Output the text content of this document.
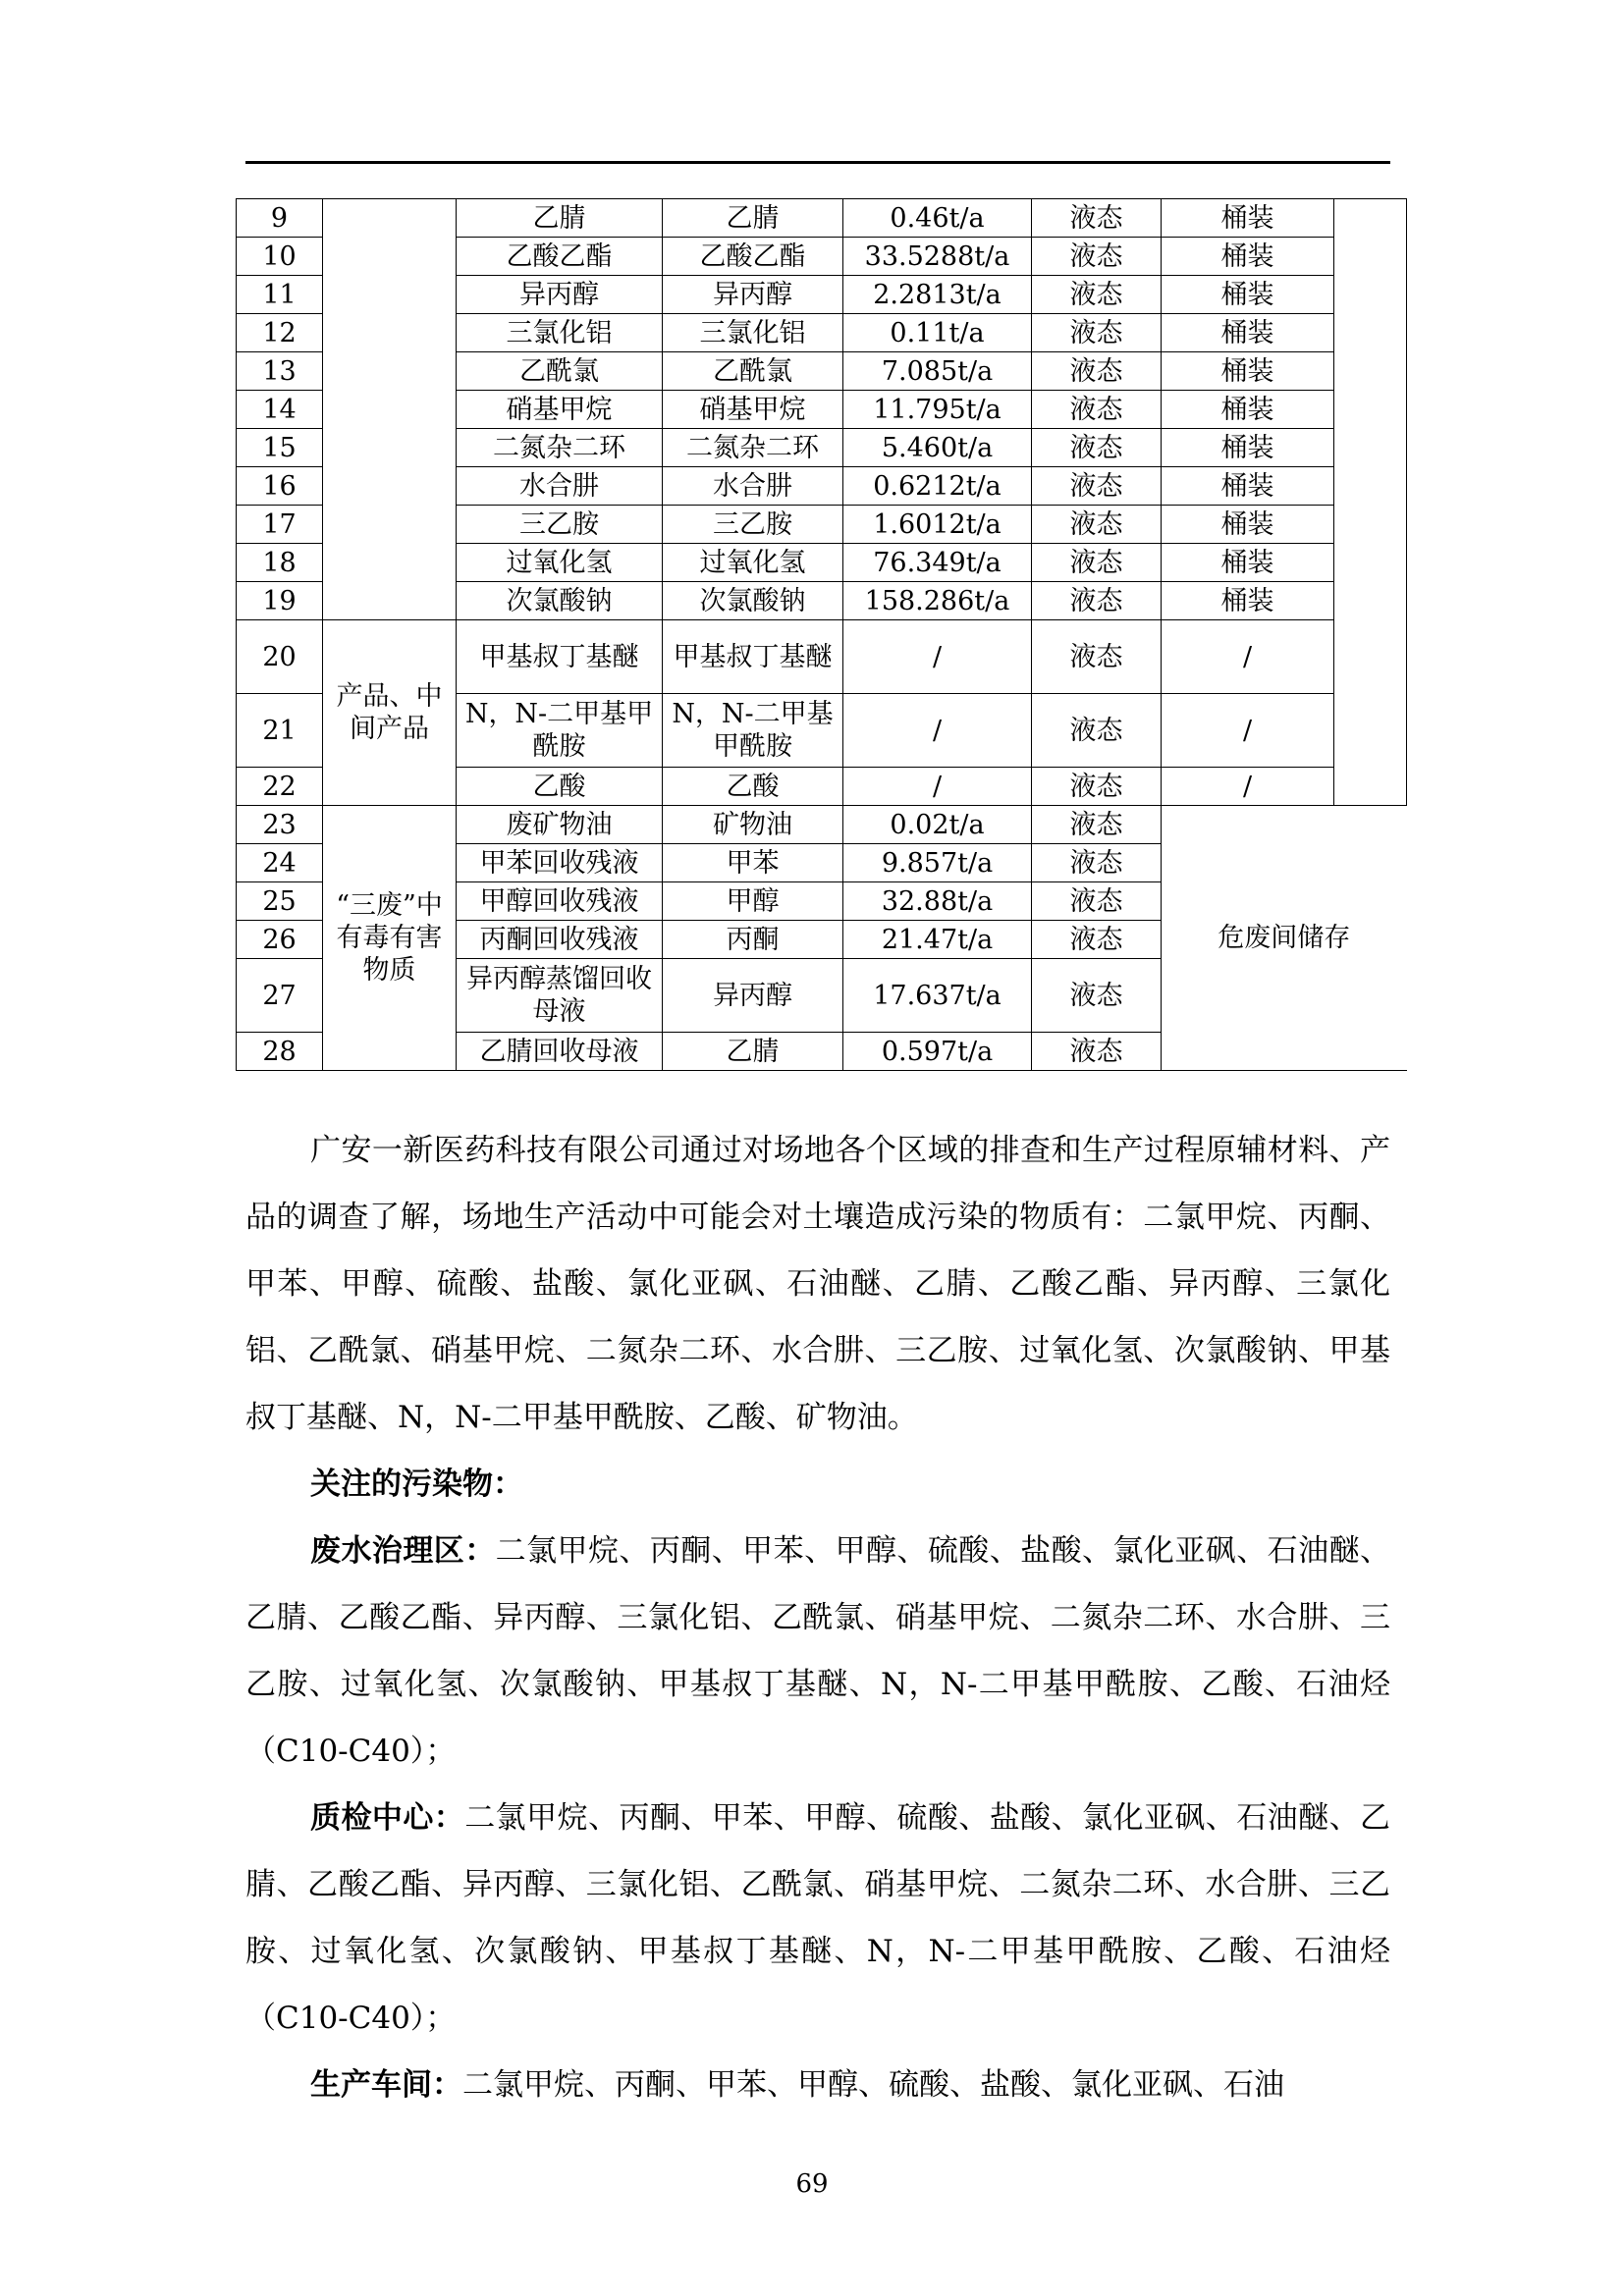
9		乙腈	乙腈	0.46t/a	液态	桶装	
10		乙酸乙酯	乙酸乙酯	33.5288t/a	液态	桶装	
11		异丙醇	异丙醇	2.2813t/a	液态	桶装	
12		三氯化铝	三氯化铝	0.11t/a	液态	桶装	
13		乙酰氯	乙酰氯	7.085t/a	液态	桶装	
14		硝基甲烷	硝基甲烷	11.795t/a	液态	桶装	
15		二氮杂二环	二氮杂二环	5.460t/a	液态	桶装	
16		水合肼	水合肼	0.6212t/a	液态	桶装	
17		三乙胺	三乙胺	1.6012t/a	液态	桶装	
18		过氧化氢	过氧化氢	76.349t/a	液态	桶装	
19		次氯酸钠	次氯酸钠	158.286t/a	液态	桶装	
20	产品、中间产品	甲基叔丁基醚	甲基叔丁基醚	/	液态	/	
21		N，N-二甲基甲酰胺	N，N-二甲基甲酰胺	/	液态	/	
22		乙酸	乙酸	/	液态	/	
23	“三废”中有毒有害物质	废矿物油	矿物油	0.02t/a	液态	危废间储存	
24		甲苯回收残液	甲苯	9.857t/a	液态		
25		甲醇回收残液	甲醇	32.88t/a	液态		
26		丙酮回收残液	丙酮	21.47t/a	液态		
27		异丙醇蒸馏回收母液	异丙醇	17.637t/a	液态		
28		乙腈回收母液	乙腈	0.597t/a	液态		

广安一新医药科技有限公司通过对场地各个区域的排查和生产过程原辅材料、产品的调查了解，场地生产活动中可能会对土壤造成污染的物质有：二氯甲烷、丙酮、甲苯、甲醇、硫酸、盐酸、氯化亚砜、石油醚、乙腈、乙酸乙酯、异丙醇、三氯化铝、乙酰氯、硝基甲烷、二氮杂二环、水合肼、三乙胺、过氧化氢、次氯酸钠、甲基叔丁基醚、N，N-二甲基甲酰胺、乙酸、矿物油。

关注的污染物：

废水治理区：二氯甲烷、丙酮、甲苯、甲醇、硫酸、盐酸、氯化亚砜、石油醚、乙腈、乙酸乙酯、异丙醇、三氯化铝、乙酰氯、硝基甲烷、二氮杂二环、水合肼、三乙胺、过氧化氢、次氯酸钠、甲基叔丁基醚、N，N-二甲基甲酰胺、乙酸、石油烃（C10-C40）；

质检中心：二氯甲烷、丙酮、甲苯、甲醇、硫酸、盐酸、氯化亚砜、石油醚、乙腈、乙酸乙酯、异丙醇、三氯化铝、乙酰氯、硝基甲烷、二氮杂二环、水合肼、三乙胺、过氧化氢、次氯酸钠、甲基叔丁基醚、N，N-二甲基甲酰胺、乙酸、石油烃（C10-C40）；

生产车间：二氯甲烷、丙酮、甲苯、甲醇、硫酸、盐酸、氯化亚砜、石油

69
